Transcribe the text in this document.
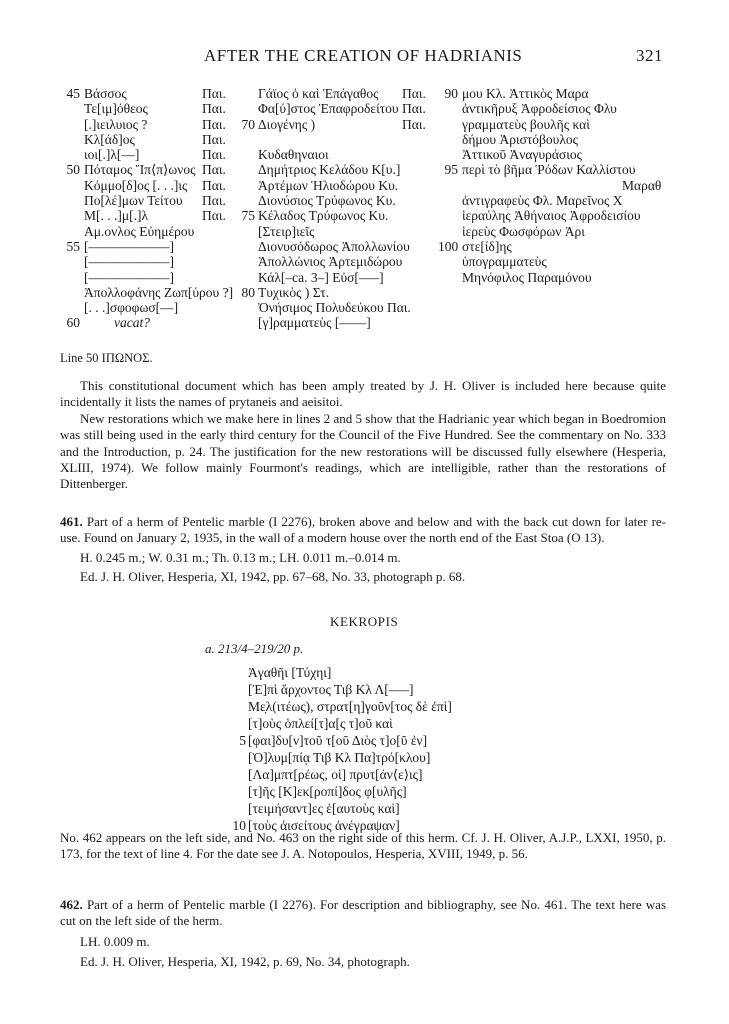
AFTER THE CREATION OF HADRIANIS	321
45
50
55
60
Βάσσος
Τε[ιμ]όθεος
[.]ιειλυιος ?
Κλ[άδ]ος
ιοι[.]λ[––]
Πόταμος Ἵπ⟨π⟩ωνος
Κόμμο[δ]ος [. . .]ις
Πο[λέ]μων Τείτου
Μ[. . .]μ[.]λ
Αμ.ονλος Εὐημέρου
[––––––––––––]
[––––––––––––]
[––––––––––––]
Ἀπολλοφάνης Ζωπ[ύρου ?]
[. . .]σφοφωσ[––]
vacat?
Παι.
Παι.
Παι.
Παι.
Παι.
Παι.
Παι.
Παι.
Παι.
70
75
80
Γάϊος ὁ καὶ Ἐπάγαθος
Φα[ύ]στος Ἐπαφροδείτου
Διογένης )
Κυδαθηναιοι
Δημήτριος Κελάδου Κ[υ.]
Ἀρτέμων Ἡλιοδώρου Κυ.
Διονύσιος Τρύφωνος Κυ.
Κέλαδος Τρύφωνος Κυ.
[Στειρ]ιεῖς
Διονυσόδωρος Ἀπολλωνίου
Ἀπολλώνιος Ἀρτεμιδώρου
Κάλ[–ca. 3–] Εὐσ[–––]
Τυχικὸς ) Στ.
Ὀνήσιμος Πολυδεύκου Παι.
[γ]ραμματεὺς [––––]
Παι.
Παι.
Παι.
90
95
100
μου Κλ. Ἀττικὸς Μαρα
ἀντικῆρυξ Ἀφροδείσιος Φλυ
γραμματεὺς βουλῆς καὶ
δήμου Ἀριστόβουλος
Ἀττικοῦ Ἀναγυράσιος
περὶ τὸ βῆμα Ῥόδων Καλλίστου
Μαραθ
ἀντιγραφεὺς Φλ. Μαρεῖνος Χ
ἱεραύλης Ἀθήναιος Ἀφροδεισίου
ἱερεὺς Φωσφόρων Ἀρι
στε[ίδ]ης
ὑπογραμματεὺς
Μηνόφιλος Παραμόνου
Line 50 ΙΠΩΝΟΣ.

This constitutional document which has been amply treated by J. H. Oliver is included here because quite incidentally it lists the names of prytaneis and aeisitoi.

New restorations which we make here in lines 2 and 5 show that the Hadrianic year which began in Boedromion was still being used in the early third century for the Council of the Five Hundred. See the commentary on No. 333 and the Introduction, p. 24. The justification for the new restorations will be discussed fully elsewhere (Hesperia, XLIII, 1974). We follow mainly Fourmont's readings, which are intelligible, rather than the restorations of Dittenberger.

461. Part of a herm of Pentelic marble (I 2276), broken above and below and with the back cut down for later re-use. Found on January 2, 1935, in the wall of a modern house over the north end of the East Stoa (O 13).

H. 0.245 m.; W. 0.31 m.; Th. 0.13 m.; LH. 0.011 m.–0.014 m.

Ed. J. H. Oliver, Hesperia, XI, 1942, pp. 67–68, No. 33, photograph p. 68.

KEKROPIS
a. 213/4–219/20 p.
5
10
Ἀγαθῆι [Τύχηι]
[Ἐ]πὶ ἄρχοντος Τιβ Κλ Λ[–––]
Με̣λ(ιτέως), στρατ[η]γοῦν[τος δὲ ἐπὶ]
[τ]οὺς ὁπλεί[τ]α[ς τ]οῦ καὶ
[φαι]δυ[ν]τοῦ τ[οῦ Διὸς τ]ο[ῦ ἐν]
[Ὀ]λυμ[πίᾳ Τιβ Κλ Πα]τρό[κλου]
[Λα]μπτ[ρέως, οἱ] πρυτ[άν⟨ε⟩ις]
[τ]ῆς [Κ]εκ[ροπί]δος φ[υλῆς]
[τειμήσαντ]ες ἑ[αυτοὺς καὶ]
[τοὺς ἀισείτους ἀνέγραψαν]
No. 462 appears on the left side, and No. 463 on the right side of this herm. Cf. J. H. Oliver, A.J.P., LXXI, 1950, p. 173, for the text of line 4. For the date see J. A. Notopoulos, Hesperia, XVIII, 1949, p. 56.

462. Part of a herm of Pentelic marble (I 2276). For description and bibliography, see No. 461. The text here was cut on the left side of the herm.

LH. 0.009 m.

Ed. J. H. Oliver, Hesperia, XI, 1942, p. 69, No. 34, photograph.
